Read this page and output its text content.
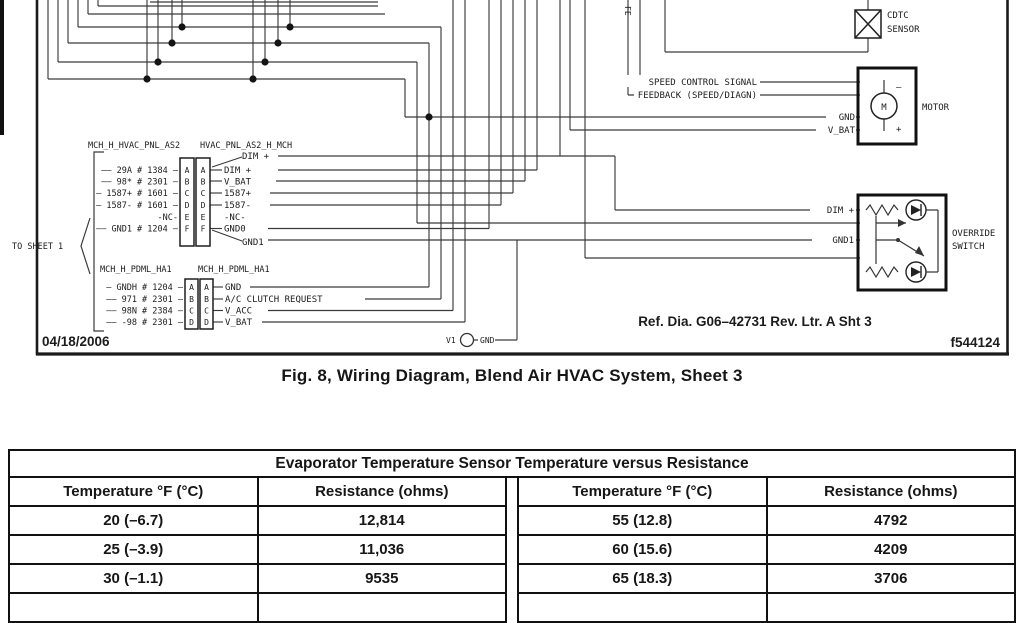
TO SHEET 1
MCH_H_HVAC_PNL_AS2 HVAC_PNL_AS2_H_MCH
DIM +
GND1
—— 29A # 1384 —
—— 98* # 2301 —
— 1587+ # 1601 —
— 1587- # 1601 —
-NC-
—— GND1 # 1204 —
A A
B B
C C
D D
E E
F F
DIM +
V_BAT
1587+
1587-
-NC-
GND0
MCH_H_PDML_HA1	MCH_H_PDML_HA1
— GNDH # 1204 —
—— 971 # 2301 —
—— 98N # 2384 —
—— -98 # 2301 —
A A
B B
C C
D D
GND
A/C CLUTCH REQUEST
V_ACC
V_BAT
CDTC
SENSOR
M
–
+
MOTOR
SPEED CONTROL SIGNAL
FEEDBACK (SPEED/DIAGN)
GND
V_BAT
OVERRIDE
SWITCH
DIM +
GND1
V1	GND
FE
04/18/2006
Ref. Dia. G06–42731 Rev. Ltr. A Sht 3
f544124
Fig. 8, Wiring Diagram, Blend Air HVAC System, Sheet 3
Evaporator Temperature Sensor Temperature versus Resistance
Temperature °F (°C)	Resistance (ohms)
20 (–6.7)	12,814
25 (–3.9)	11,036
30 (–1.1)	9535

Temperature °F (°C)	Resistance (ohms)
55 (12.8)	4792
60 (15.6)	4209
65 (18.3)	3706
